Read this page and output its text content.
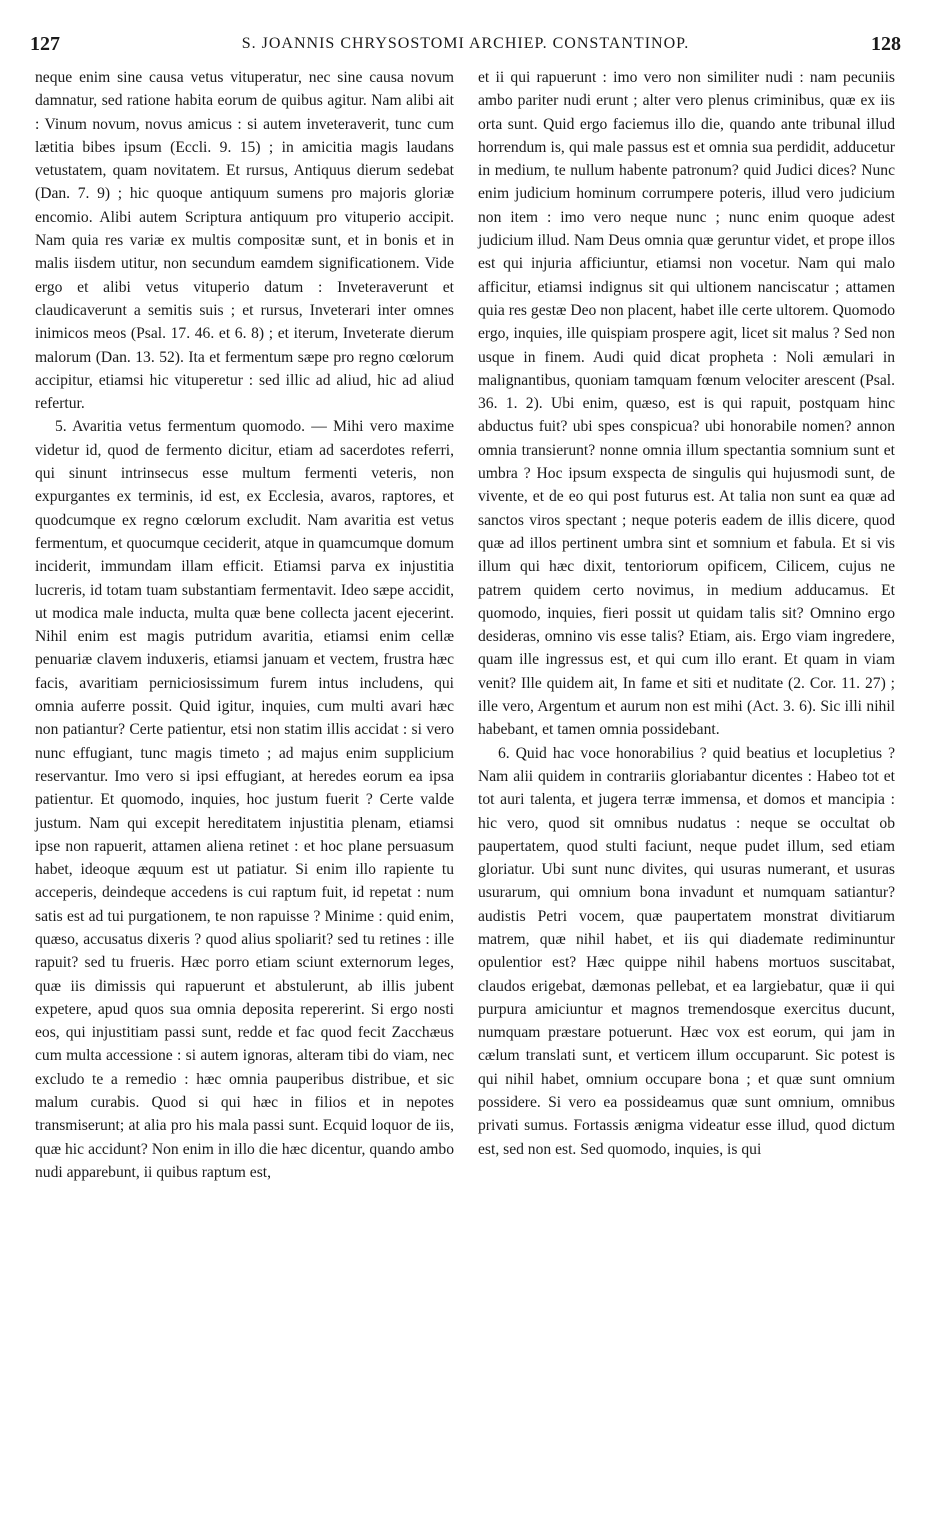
127	S. JOANNIS CHRYSOSTOMI ARCHIEP. CONSTANTINOP.	128

neque enim sine causa vetus vituperatur, nec sine causa novum damnatur, sed ratione habita eorum de quibus agitur. Nam alibi ait : Vinum novum, novus amicus : si autem inveteraverit, tunc cum lætitia bibes ipsum (Eccli. 9. 15) ; in amicitia magis laudans vetustatem, quam novitatem. Et rursus, Antiquus dierum sedebat (Dan. 7. 9) ; hic quoque antiquum sumens pro majoris gloriæ encomio. Alibi autem Scriptura antiquum pro vituperio accipit. Nam quia res variæ ex multis compositæ sunt, et in bonis et in malis iisdem utitur, non secundum eamdem significationem. Vide ergo et alibi vetus vituperio datum : Inveteraverunt et claudicaverunt a semitis suis ; et rursus, Inveterari inter omnes inimicos meos (Psal. 17. 46. et 6. 8) ; et iterum, Inveterate dierum malorum (Dan. 13. 52). Ita et fermentum sæpe pro regno cœlorum accipitur, etiamsi hic vituperetur : sed illic ad aliud, hic ad aliud refertur.

5. Avaritia vetus fermentum quomodo. — Mihi vero maxime videtur id, quod de fermento dicitur, etiam ad sacerdotes referri, qui sinunt intrinsecus esse multum fermenti veteris, non expurgantes ex terminis, id est, ex Ecclesia, avaros, raptores, et quodcumque ex regno cœlorum excludit. Nam avaritia est vetus fermentum, et quocumque ceciderit, atque in quamcumque domum inciderit, immundam illam efficit. Etiamsi parva ex injustitia lucreris, id totam tuam substantiam fermentavit. Ideo sæpe accidit, ut modica male inducta, multa quæ bene collecta jacent ejecerint. Nihil enim est magis putridum avaritia, etiamsi enim cellæ penuariæ clavem induxeris, etiamsi januam et vectem, frustra hæc facis, avaritiam perniciosissimum furem intus includens, qui omnia auferre possit. Quid igitur, inquies, cum multi avari hæc non patiantur? Certe patientur, etsi non statim illis accidat : si vero nunc effugiant, tunc magis timeto ; ad majus enim supplicium reservantur. Imo vero si ipsi effugiant, at heredes eorum ea ipsa patientur. Et quomodo, inquies, hoc justum fuerit ? Certe valde justum. Nam qui excepit hereditatem injustitia plenam, etiamsi ipse non rapuerit, attamen aliena retinet : et hoc plane persuasum habet, ideoque æquum est ut patiatur. Si enim illo rapiente tu acceperis, deindeque accedens is cui raptum fuit, id repetat : num satis est ad tui purgationem, te non rapuisse ? Minime : quid enim, quæso, accusatus dixeris ? quod alius spoliarit? sed tu retines : ille rapuit? sed tu frueris. Hæc porro etiam sciunt externorum leges, quæ iis dimissis qui rapuerunt et abstulerunt, ab illis jubent expetere, apud quos sua omnia deposita repererint. Si ergo nosti eos, qui injustitiam passi sunt, redde et fac quod fecit Zacchæus cum multa accessione : si autem ignoras, alteram tibi do viam, nec excludo te a remedio : hæc omnia pauperibus distribue, et sic malum curabis. Quod si qui hæc in filios et in nepotes transmiserunt; at alia pro his mala passi sunt. Ecquid loquor de iis, quæ hic accidunt? Non enim in illo die hæc dicentur, quando ambo nudi apparebunt, ii quibus raptum est,

et ii qui rapuerunt : imo vero non similiter nudi : nam pecuniis ambo pariter nudi erunt ; alter vero plenus criminibus, quæ ex iis orta sunt. Quid ergo faciemus illo die, quando ante tribunal illud horrendum is, qui male passus est et omnia sua perdidit, adducetur in medium, te nullum habente patronum? quid Judici dices? Nunc enim judicium hominum corrumpere poteris, illud vero judicium non item : imo vero neque nunc ; nunc enim quoque adest judicium illud. Nam Deus omnia quæ geruntur videt, et prope illos est qui injuria afficiuntur, etiamsi non vocetur. Nam qui malo afficitur, etiamsi indignus sit qui ultionem nanciscatur ; attamen quia res gestæ Deo non placent, habet ille certe ultorem. Quomodo ergo, inquies, ille quispiam prospere agit, licet sit malus ? Sed non usque in finem. Audi quid dicat propheta : Noli æmulari in malignantibus, quoniam tamquam fœnum velociter arescent (Psal. 36. 1. 2). Ubi enim, quæso, est is qui rapuit, postquam hinc abductus fuit? ubi spes conspicua? ubi honorabile nomen? annon omnia transierunt? nonne omnia illum spectantia somnium sunt et umbra ? Hoc ipsum exspecta de singulis qui hujusmodi sunt, de vivente, et de eo qui post futurus est. At talia non sunt ea quæ ad sanctos viros spectant ; neque poteris eadem de illis dicere, quod quæ ad illos pertinent umbra sint et somnium et fabula. Et si vis illum qui hæc dixit, tentoriorum opificem, Cilicem, cujus ne patrem quidem certo novimus, in medium adducamus. Et quomodo, inquies, fieri possit ut quidam talis sit? Omnino ergo desideras, omnino vis esse talis? Etiam, ais. Ergo viam ingredere, quam ille ingressus est, et qui cum illo erant. Et quam in viam venit? Ille quidem ait, In fame et siti et nuditate (2. Cor. 11. 27) ; ille vero, Argentum et aurum non est mihi (Act. 3. 6). Sic illi nihil habebant, et tamen omnia possidebant.

6. Quid hac voce honorabilius ? quid beatius et locupletius ? Nam alii quidem in contrariis gloriabantur dicentes : Habeo tot et tot auri talenta, et jugera terræ immensa, et domos et mancipia : hic vero, quod sit omnibus nudatus : neque se occultat ob paupertatem, quod stulti faciunt, neque pudet illum, sed etiam gloriatur. Ubi sunt nunc divites, qui usuras numerant, et usuras usurarum, qui omnium bona invadunt et numquam satiantur? audistis Petri vocem, quæ paupertatem monstrat divitiarum matrem, quæ nihil habet, et iis qui diademate rediminuntur opulentior est? Hæc quippe nihil habens mortuos suscitabat, claudos erigebat, dæmonas pellebat, et ea largiebatur, quæ ii qui purpura amiciuntur et magnos tremendosque exercitus ducunt, numquam præstare potuerunt. Hæc vox est eorum, qui jam in cælum translati sunt, et verticem illum occuparunt. Sic potest is qui nihil habet, omnium occupare bona ; et quæ sunt omnium possidere. Si vero ea possideamus quæ sunt omnium, omnibus privati sumus. Fortassis ænigma videatur esse illud, quod dictum est, sed non est. Sed quomodo, inquies, is qui
